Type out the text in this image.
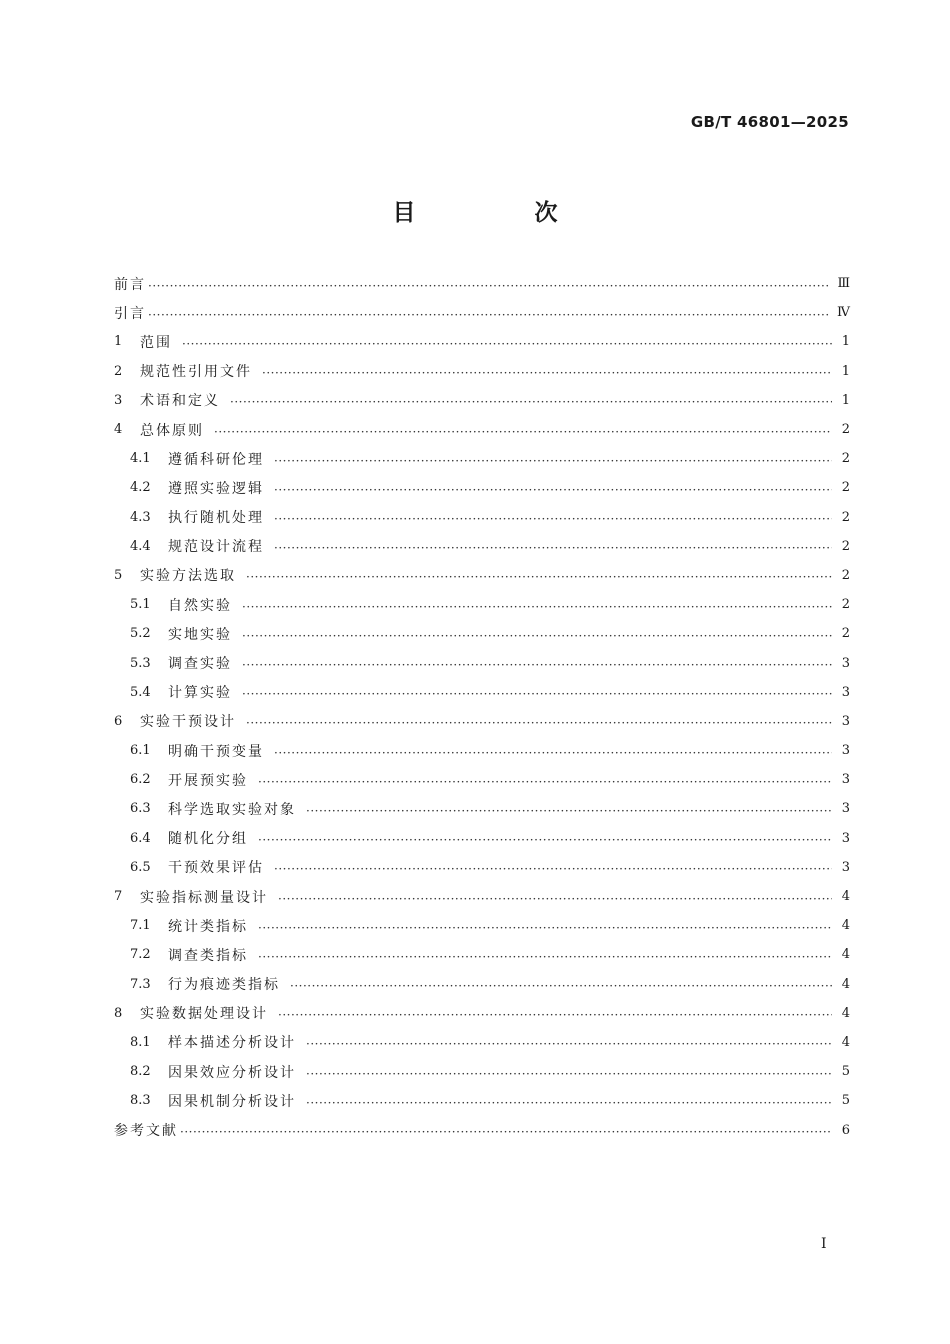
GB/T 46801—2025
目　次
前言 ·····	Ⅲ
引言 ·····	Ⅳ
1	范围 ·····	1
2	规范性引用文件 ·····	1
3	术语和定义 ·····	1
4	总体原则 ·····	2
4.1	遵循科研伦理 ·····	2
4.2	遵照实验逻辑 ·····	2
4.3	执行随机处理 ·····	2
4.4	规范设计流程 ·····	2
5	实验方法选取 ·····	2
5.1	自然实验 ·····	2
5.2	实地实验 ·····	2
5.3	调查实验 ·····	3
5.4	计算实验 ·····	3
6	实验干预设计 ·····	3
6.1	明确干预变量 ·····	3
6.2	开展预实验 ·····	3
6.3	科学选取实验对象 ·····	3
6.4	随机化分组 ·····	3
6.5	干预效果评估 ·····	3
7	实验指标测量设计 ·····	4
7.1	统计类指标 ·····	4
7.2	调查类指标 ·····	4
7.3	行为痕迹类指标 ·····	4
8	实验数据处理设计 ·····	4
8.1	样本描述分析设计 ·····	4
8.2	因果效应分析设计 ·····	5
8.3	因果机制分析设计 ·····	5
参考文献 ·····	6
Ⅰ
